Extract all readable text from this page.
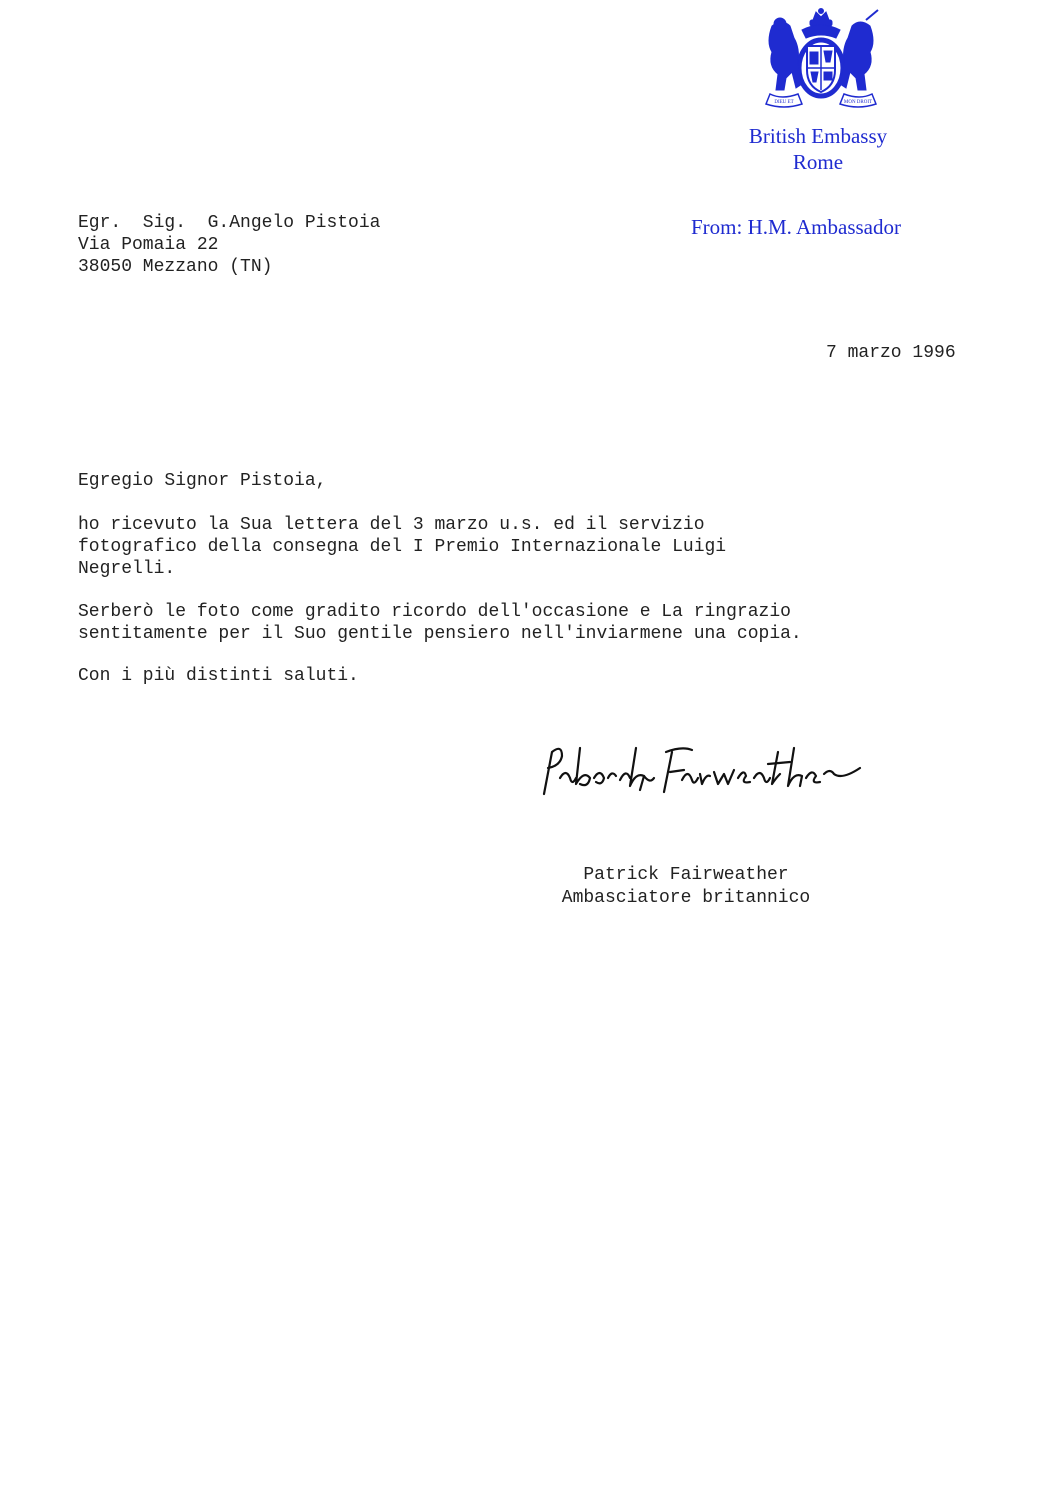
DIEU ET	MON DROIT
British Embassy
Rome
From: H.M. Ambassador
Egr.  Sig.  G.Angelo Pistoia
Via Pomaia 22
38050 Mezzano (TN)
7 marzo 1996
Egregio Signor Pistoia,
ho ricevuto la Sua lettera del 3 marzo u.s. ed il servizio
fotografico della consegna del I Premio Internazionale Luigi
Negrelli.
Serberò le foto come gradito ricordo dell'occasione e La ringrazio
sentitamente per il Suo gentile pensiero nell'inviarmene una copia.
Con i più distinti saluti.
Patrick Fairweather
Ambasciatore britannico
